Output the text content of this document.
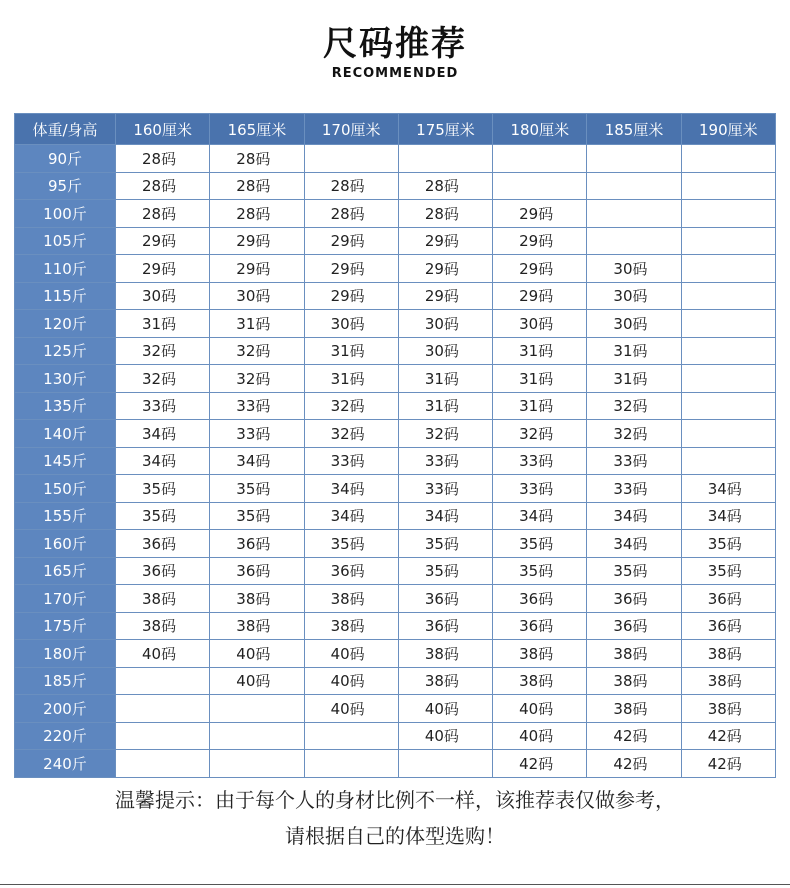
尺码推荐
RECOMMENDED
体重/身高	160厘米	165厘米	170厘米	175厘米	180厘米	185厘米	190厘米
90斤	28码	28码					
95斤	28码	28码	28码	28码			
100斤	28码	28码	28码	28码	29码		
105斤	29码	29码	29码	29码	29码		
110斤	29码	29码	29码	29码	29码	30码	
115斤	30码	30码	29码	29码	29码	30码	
120斤	31码	31码	30码	30码	30码	30码	
125斤	32码	32码	31码	30码	31码	31码	
130斤	32码	32码	31码	31码	31码	31码	
135斤	33码	33码	32码	31码	31码	32码	
140斤	34码	33码	32码	32码	32码	32码	
145斤	34码	34码	33码	33码	33码	33码	
150斤	35码	35码	34码	33码	33码	33码	34码
155斤	35码	35码	34码	34码	34码	34码	34码
160斤	36码	36码	35码	35码	35码	34码	35码
165斤	36码	36码	36码	35码	35码	35码	35码
170斤	38码	38码	38码	36码	36码	36码	36码
175斤	38码	38码	38码	36码	36码	36码	36码
180斤	40码	40码	40码	38码	38码	38码	38码
185斤		40码	40码	38码	38码	38码	38码
200斤			40码	40码	40码	38码	38码
220斤				40码	40码	42码	42码
240斤					42码	42码	42码
温馨提示：由于每个人的身材比例不一样，该推荐表仅做参考，
请根据自己的体型选购！
